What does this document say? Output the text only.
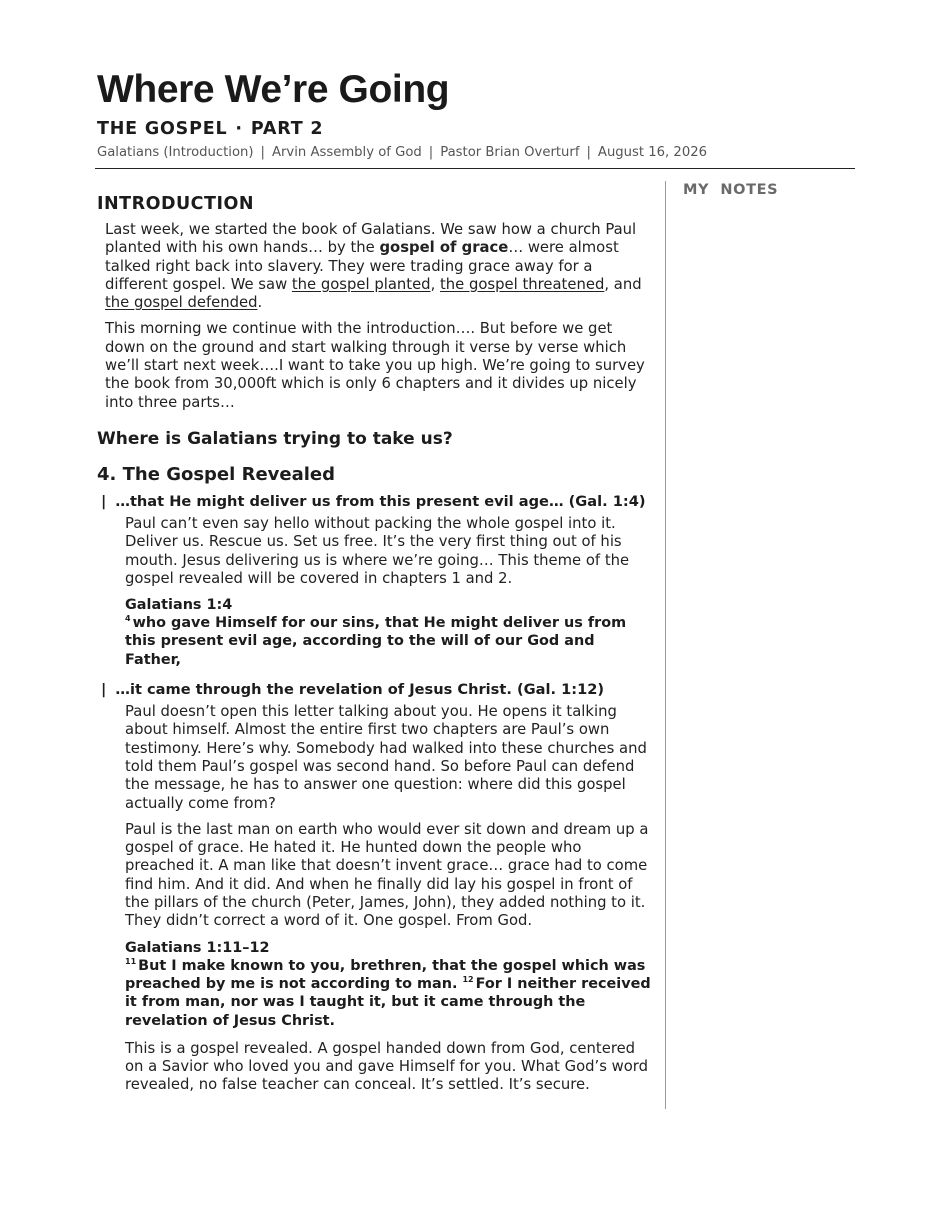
Where We’re Going
THE GOSPEL · PART 2
Galatians (Introduction) | Arvin Assembly of God | Pastor Brian Overturf | August 16, 2026
MY  NOTES
INTRODUCTION

Last week, we started the book of Galatians. We saw how a church Paul planted with his own hands… by the gospel of grace… were almost talked right back into slavery. They were trading grace away for a different gospel. We saw the gospel planted, the gospel threatened, and the gospel defended.

This morning we continue with the introduction…. But before we get down on the ground and start walking through it verse by verse which we’ll start next week….I want to take you up high. We’re going to survey the book from 30,000ft which is only 6 chapters and it divides up nicely into three parts…

Where is Galatians trying to take us?
4. The Gospel Revealed
| …that He might deliver us from this present evil age… (Gal. 1:4)

Paul can’t even say hello without packing the whole gospel into it. Deliver us. Rescue us. Set us free. It’s the very first thing out of his mouth. Jesus delivering us is where we’re going… This theme of the gospel revealed will be covered in chapters 1 and 2.

Galatians 1:4

$^4$ who gave Himself for our sins, that He might deliver us from this present evil age, according to the will of our God and Father,

| …it came through the revelation of Jesus Christ. (Gal. 1:12)

Paul doesn’t open this letter talking about you. He opens it talking about himself. Almost the entire first two chapters are Paul’s own testimony. Here’s why. Somebody had walked into these churches and told them Paul’s gospel was second hand. So before Paul can defend the message, he has to answer one question: where did this gospel actually come from?

Paul is the last man on earth who would ever sit down and dream up a gospel of grace. He hated it. He hunted down the people who preached it. A man like that doesn’t invent grace… grace had to come find him. And it did. And when he finally did lay his gospel in front of the pillars of the church (Peter, James, John), they added nothing to it. They didn’t correct a word of it. One gospel. From God.

Galatians 1:11–12

$^{11}$ But I make known to you, brethren, that the gospel which was preached by me is not according to man. $^{12}$ For I neither received it from man, nor was I taught it, but it came through the revelation of Jesus Christ.

This is a gospel revealed. A gospel handed down from God, centered on a Savior who loved you and gave Himself for you. What God’s word revealed, no false teacher can conceal. It’s settled. It’s secure.
